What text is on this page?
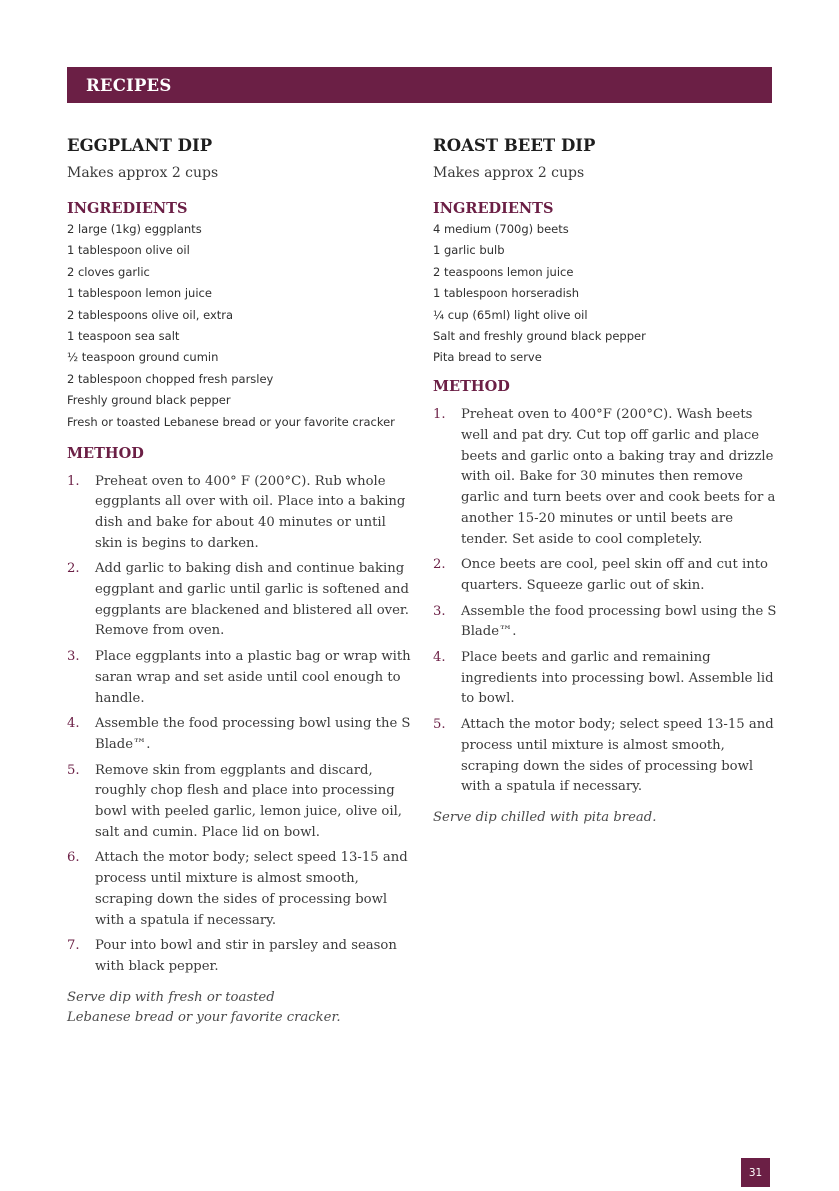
RECIPES
EGGPLANT DIP
Makes approx 2 cups
INGREDIENTS
2 large (1kg) eggplants
1 tablespoon olive oil
2 cloves garlic
1 tablespoon lemon juice
2 tablespoons olive oil, extra
1 teaspoon sea salt
½ teaspoon ground cumin
2 tablespoon chopped fresh parsley
Freshly ground black pepper
Fresh or toasted Lebanese bread or your favorite cracker
METHOD
1.	Preheat oven to 400° F (200°C). Rub whole eggplants all over with oil. Place into a baking dish and bake for about 40 minutes or until skin is begins to darken.
2.	Add garlic to baking dish and continue baking eggplant and garlic until garlic is softened and eggplants are blackened and blistered all over. Remove from oven.
3.	Place eggplants into a plastic bag or wrap with saran wrap and set aside until cool enough to handle.
4.	Assemble the food processing bowl using the S Blade™.
5.	Remove skin from eggplants and discard, roughly chop flesh and place into processing bowl with peeled garlic, lemon juice, olive oil, salt and cumin. Place lid on bowl.
6.	Attach the motor body; select speed 13-15 and process until mixture is almost smooth, scraping down the sides of processing bowl with a spatula if necessary.
7.	Pour into bowl and stir in parsley and season with black pepper.
Serve dip with fresh or toasted
Lebanese bread or your favorite cracker.
ROAST BEET DIP
Makes approx 2 cups
INGREDIENTS
4 medium (700g) beets
1 garlic bulb
2 teaspoons lemon juice
1 tablespoon horseradish
¼ cup (65ml) light olive oil
Salt and freshly ground black pepper
Pita bread to serve
METHOD
1.	Preheat oven to 400°F (200°C). Wash beets well and pat dry. Cut top off garlic and place beets and garlic onto a baking tray and drizzle with oil. Bake for 30 minutes then remove garlic and turn beets over and cook beets for a another 15-20 minutes or until beets are tender. Set aside to cool completely.
2.	Once beets are cool, peel skin off and cut into quarters. Squeeze garlic out of skin.
3.	Assemble the food processing bowl using the S Blade™.
4.	Place beets and garlic and remaining ingredients into processing bowl. Assemble lid to bowl.
5.	Attach the motor body; select speed 13-15 and process until mixture is almost smooth, scraping down the sides of processing bowl with a spatula if necessary.
Serve dip chilled with pita bread.
31
